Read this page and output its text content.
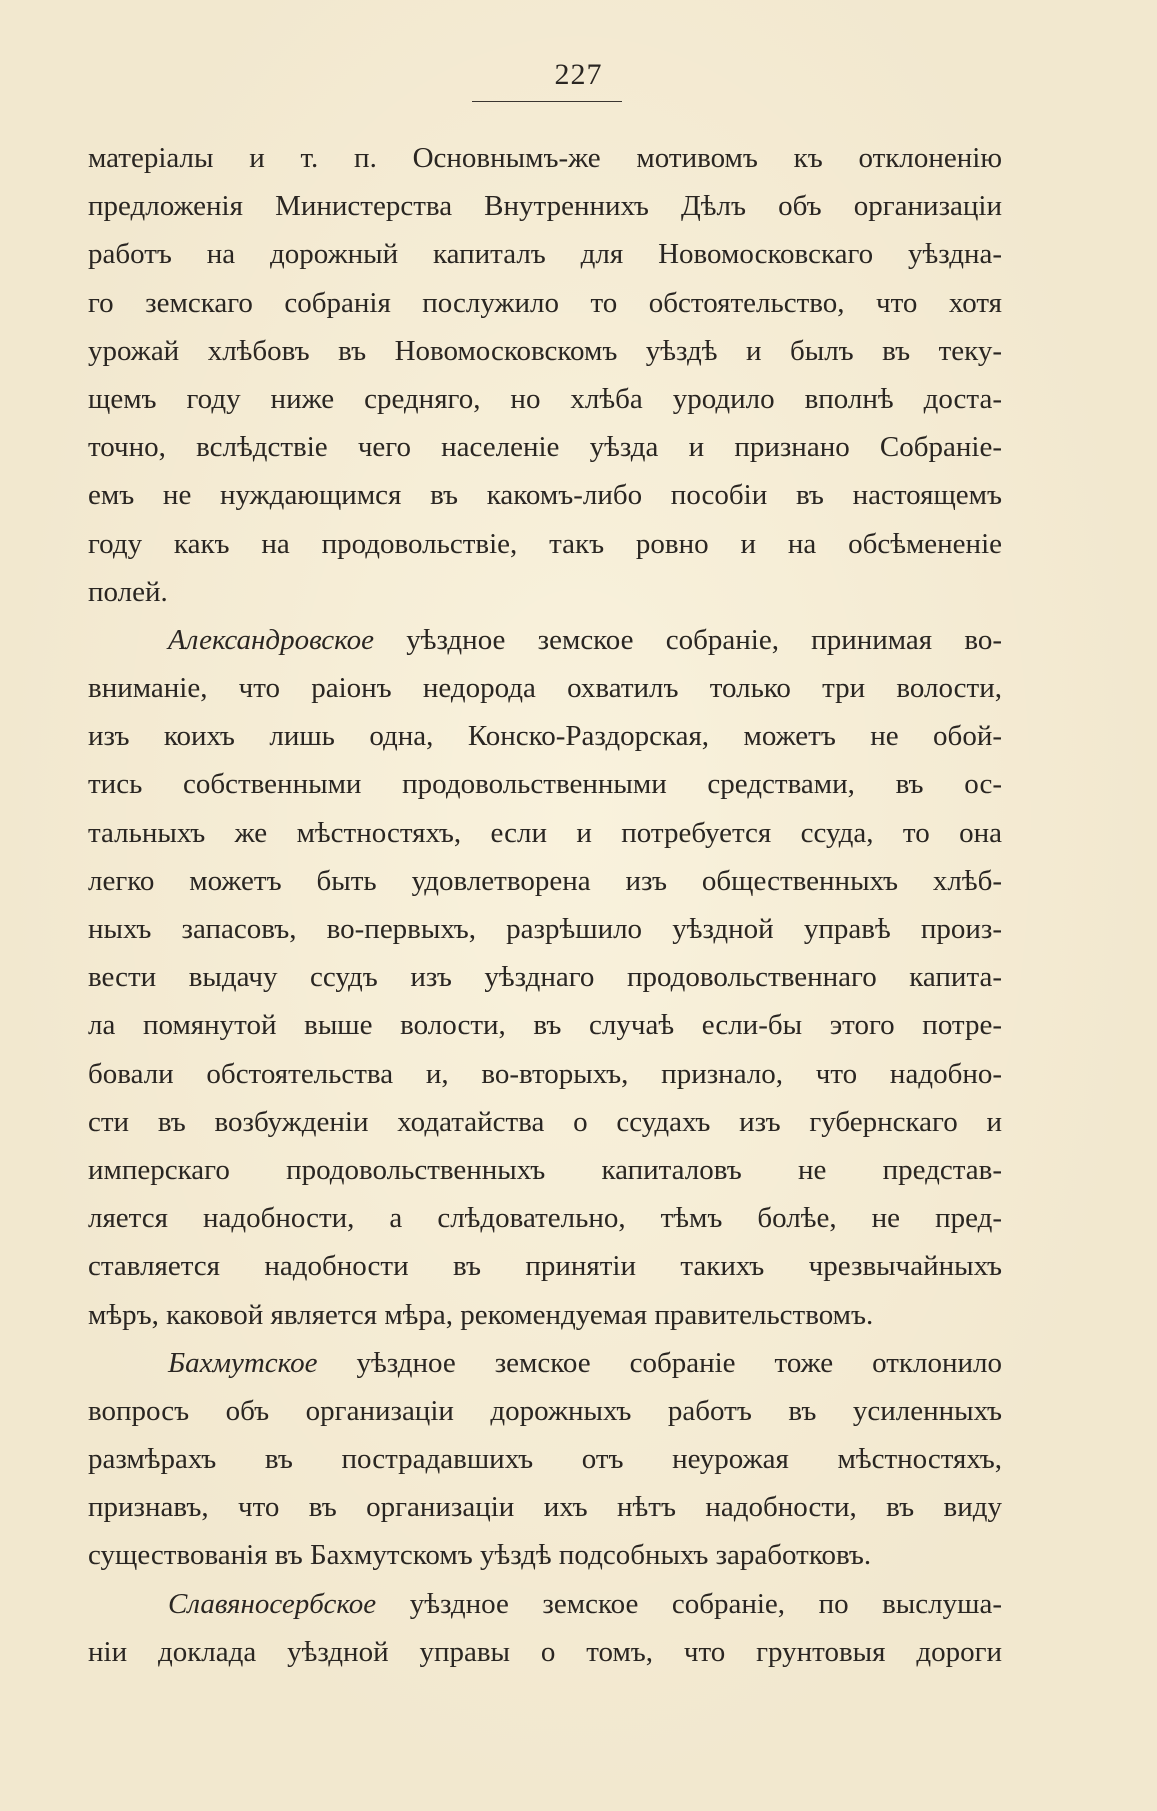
227
матеріалы и т. п. Основнымъ-же мотивомъ къ отклоненію
предложенія Министерства Внутреннихъ Дѣлъ объ организаціи
работъ на дорожный капиталъ для Новомосковскаго уѣздна-
го земскаго собранія послужило то обстоятельство, что хотя
урожай хлѣбовъ въ Новомосковскомъ уѣздѣ и былъ въ теку-
щемъ году ниже средняго, но хлѣба уродило вполнѣ доста-
точно, вслѣдствіе чего населеніе уѣзда и признано Собраніе-
емъ не нуждающимся въ какомъ-либо пособіи въ настоящемъ
году какъ на продовольствіе, такъ ровно и на обсѣмененіе
полей.
Александровское уѣздное земское собраніе, принимая во-
вниманіе, что раіонъ недорода охватилъ только три волости,
изъ коихъ лишь одна, Конско-Раздорская, можетъ не обой-
тись собственными продовольственными средствами, въ ос-
тальныхъ же мѣстностяхъ, если и потребуется ссуда, то она
легко можетъ быть удовлетворена изъ общественныхъ хлѣб-
ныхъ запасовъ, во-первыхъ, разрѣшило уѣздной управѣ произ-
вести выдачу ссудъ изъ уѣзднаго продовольственнаго капита-
ла помянутой выше волости, въ случаѣ если-бы этого потре-
бовали обстоятельства и, во-вторыхъ, признало, что надобно-
сти въ возбужденіи ходатайства о ссудахъ изъ губернскаго и
имперскаго продовольственныхъ капиталовъ не представ-
ляется надобности, а слѣдовательно, тѣмъ болѣе, не пред-
ставляется надобности въ принятіи такихъ чрезвычайныхъ
мѣръ, каковой является мѣра, рекомендуемая правительствомъ.
Бахмутское уѣздное земское собраніе тоже отклонило
вопросъ объ организаціи дорожныхъ работъ въ усиленныхъ
размѣрахъ въ пострадавшихъ отъ неурожая мѣстностяхъ,
признавъ, что въ организаціи ихъ нѣтъ надобности, въ виду
существованія въ Бахмутскомъ уѣздѣ подсобныхъ заработковъ.
Славяносербское уѣздное земское собраніе, по выслуша-
ніи доклада уѣздной управы о томъ, что грунтовыя дороги
